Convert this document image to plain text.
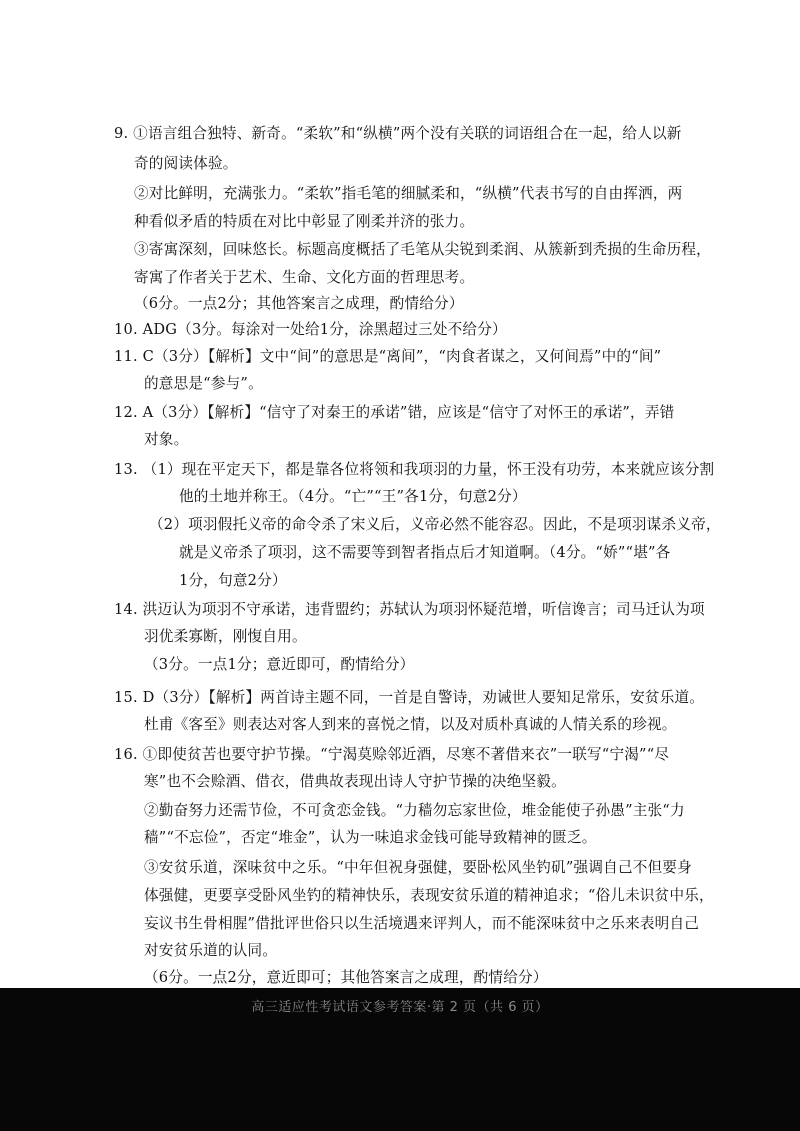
9. ①语言组合独特、新奇。“柔软”和“纵横”两个没有关联的词语组合在一起，给人以新
奇的阅读体验。
②对比鲜明，充满张力。“柔软”指毛笔的细腻柔和，“纵横”代表书写的自由挥洒，两
种看似矛盾的特质在对比中彰显了刚柔并济的张力。
③寄寓深刻，回味悠长。标题高度概括了毛笔从尖锐到柔润、从簇新到秃损的生命历程，
寄寓了作者关于艺术、生命、文化方面的哲理思考。
（6分。一点2分；其他答案言之成理，酌情给分）
10. ADG（3分。每涂对一处给1分，涂黑超过三处不给分）
11. C（3分）【解析】文中“间”的意思是“离间”，“肉食者谋之，又何间焉”中的“间”
的意思是“参与”。
12. A（3分）【解析】“信守了对秦王的承诺”错，应该是“信守了对怀王的承诺”，弄错
对象。
13. （1）现在平定天下，都是靠各位将领和我项羽的力量，怀王没有功劳，本来就应该分割
他的土地并称王。（4分。“亡”“王”各1分，句意2分）
（2）项羽假托义帝的命令杀了宋义后，义帝必然不能容忍。因此，不是项羽谋杀义帝，
就是义帝杀了项羽，这不需要等到智者指点后才知道啊。（4分。“娇”“堪”各
1分，句意2分）
14. 洪迈认为项羽不守承诺，违背盟约；苏轼认为项羽怀疑范增，听信谗言；司马迁认为项
羽优柔寡断，刚愎自用。
（3分。一点1分；意近即可，酌情给分）
15. D（3分）【解析】两首诗主题不同，一首是自警诗，劝诫世人要知足常乐，安贫乐道。
杜甫《客至》则表达对客人到来的喜悦之情，以及对质朴真诚的人情关系的珍视。
16. ①即使贫苦也要守护节操。“宁渴莫赊邻近酒，尽寒不著借来衣”一联写“宁渴”“尽
寒”也不会赊酒、借衣，借典故表现出诗人守护节操的决绝坚毅。
②勤奋努力还需节俭，不可贪恋金钱。“力穑勿忘家世俭，堆金能使子孙愚”主张“力
穑”“不忘俭”，否定“堆金”，认为一味追求金钱可能导致精神的匮乏。
③安贫乐道，深味贫中之乐。“中年但祝身强健，要卧松风坐钓矶”强调自己不但要身
体强健，更要享受卧风坐钓的精神快乐，表现安贫乐道的精神追求；“俗儿未识贫中乐，
妄议书生骨相腥”借批评世俗只以生活境遇来评判人，而不能深味贫中之乐来表明自己
对安贫乐道的认同。
（6分。一点2分，意近即可；其他答案言之成理，酌情给分）
高三适应性考试语文参考答案·第 2 页（共 6 页）
